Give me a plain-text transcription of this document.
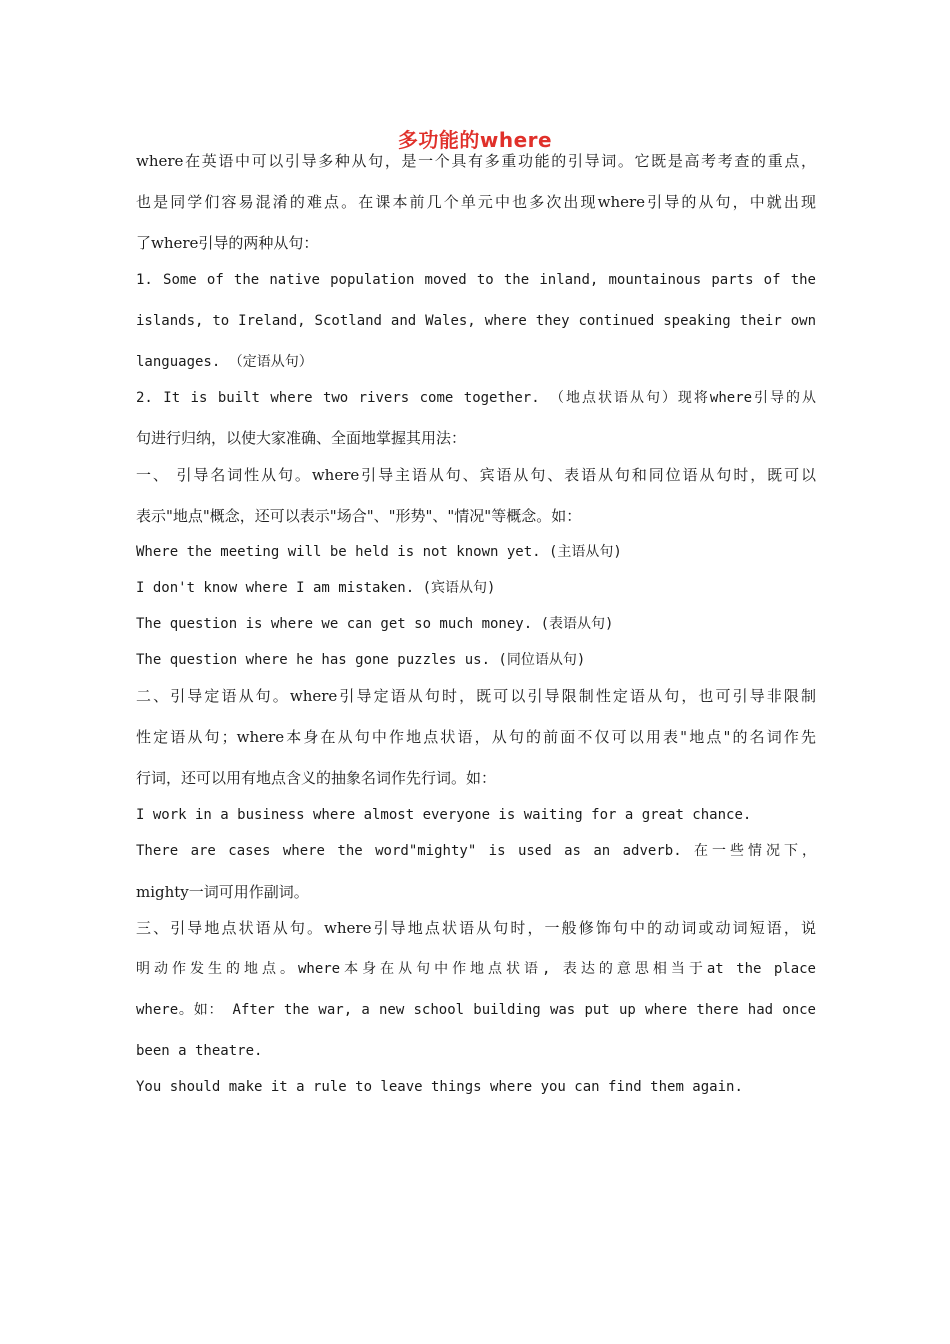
多功能的where
where在英语中可以引导多种从句，是一个具有多重功能的引导词。它既是高考考查的重点，
也是同学们容易混淆的难点。在课本前几个单元中也多次出现where引导的从句，中就出现
了where引导的两种从句：
1. Some of the native population moved to the inland, mountainous parts of the
islands, to Ireland, Scotland and Wales, where they continued speaking their own
languages. （定语从句）
2. It is built where two rivers come together. （地点状语从句）现将where引导的从
句进行归纳，以使大家准确、全面地掌握其用法：
一、 引导名词性从句。where引导主语从句、宾语从句、表语从句和同位语从句时，既可以
表示"地点"概念，还可以表示"场合"、"形势"、"情况"等概念。如：
Where the meeting will be held is not known yet. (主语从句)
I don't know where I am mistaken. (宾语从句)
The question is where we can get so much money. (表语从句)
The question where he has gone puzzles us. (同位语从句)
二、引导定语从句。where引导定语从句时，既可以引导限制性定语从句，也可引导非限制
性定语从句；where本身在从句中作地点状语，从句的前面不仅可以用表"地点"的名词作先
行词，还可以用有地点含义的抽象名词作先行词。如：
I work in a business where almost everyone is waiting for a great chance.
There are cases where the word"mighty" is used as an adverb. 在一些情况下，
mighty一词可用作副词。
三、引导地点状语从句。where引导地点状语从句时，一般修饰句中的动词或动词短语，说
明动作发生的地点。where本身在从句中作地点状语, 表达的意思相当于at the place
where。如： After the war, a new school building was put up where there had once
been a theatre.
You should make it a rule to leave things where you can find them again.
